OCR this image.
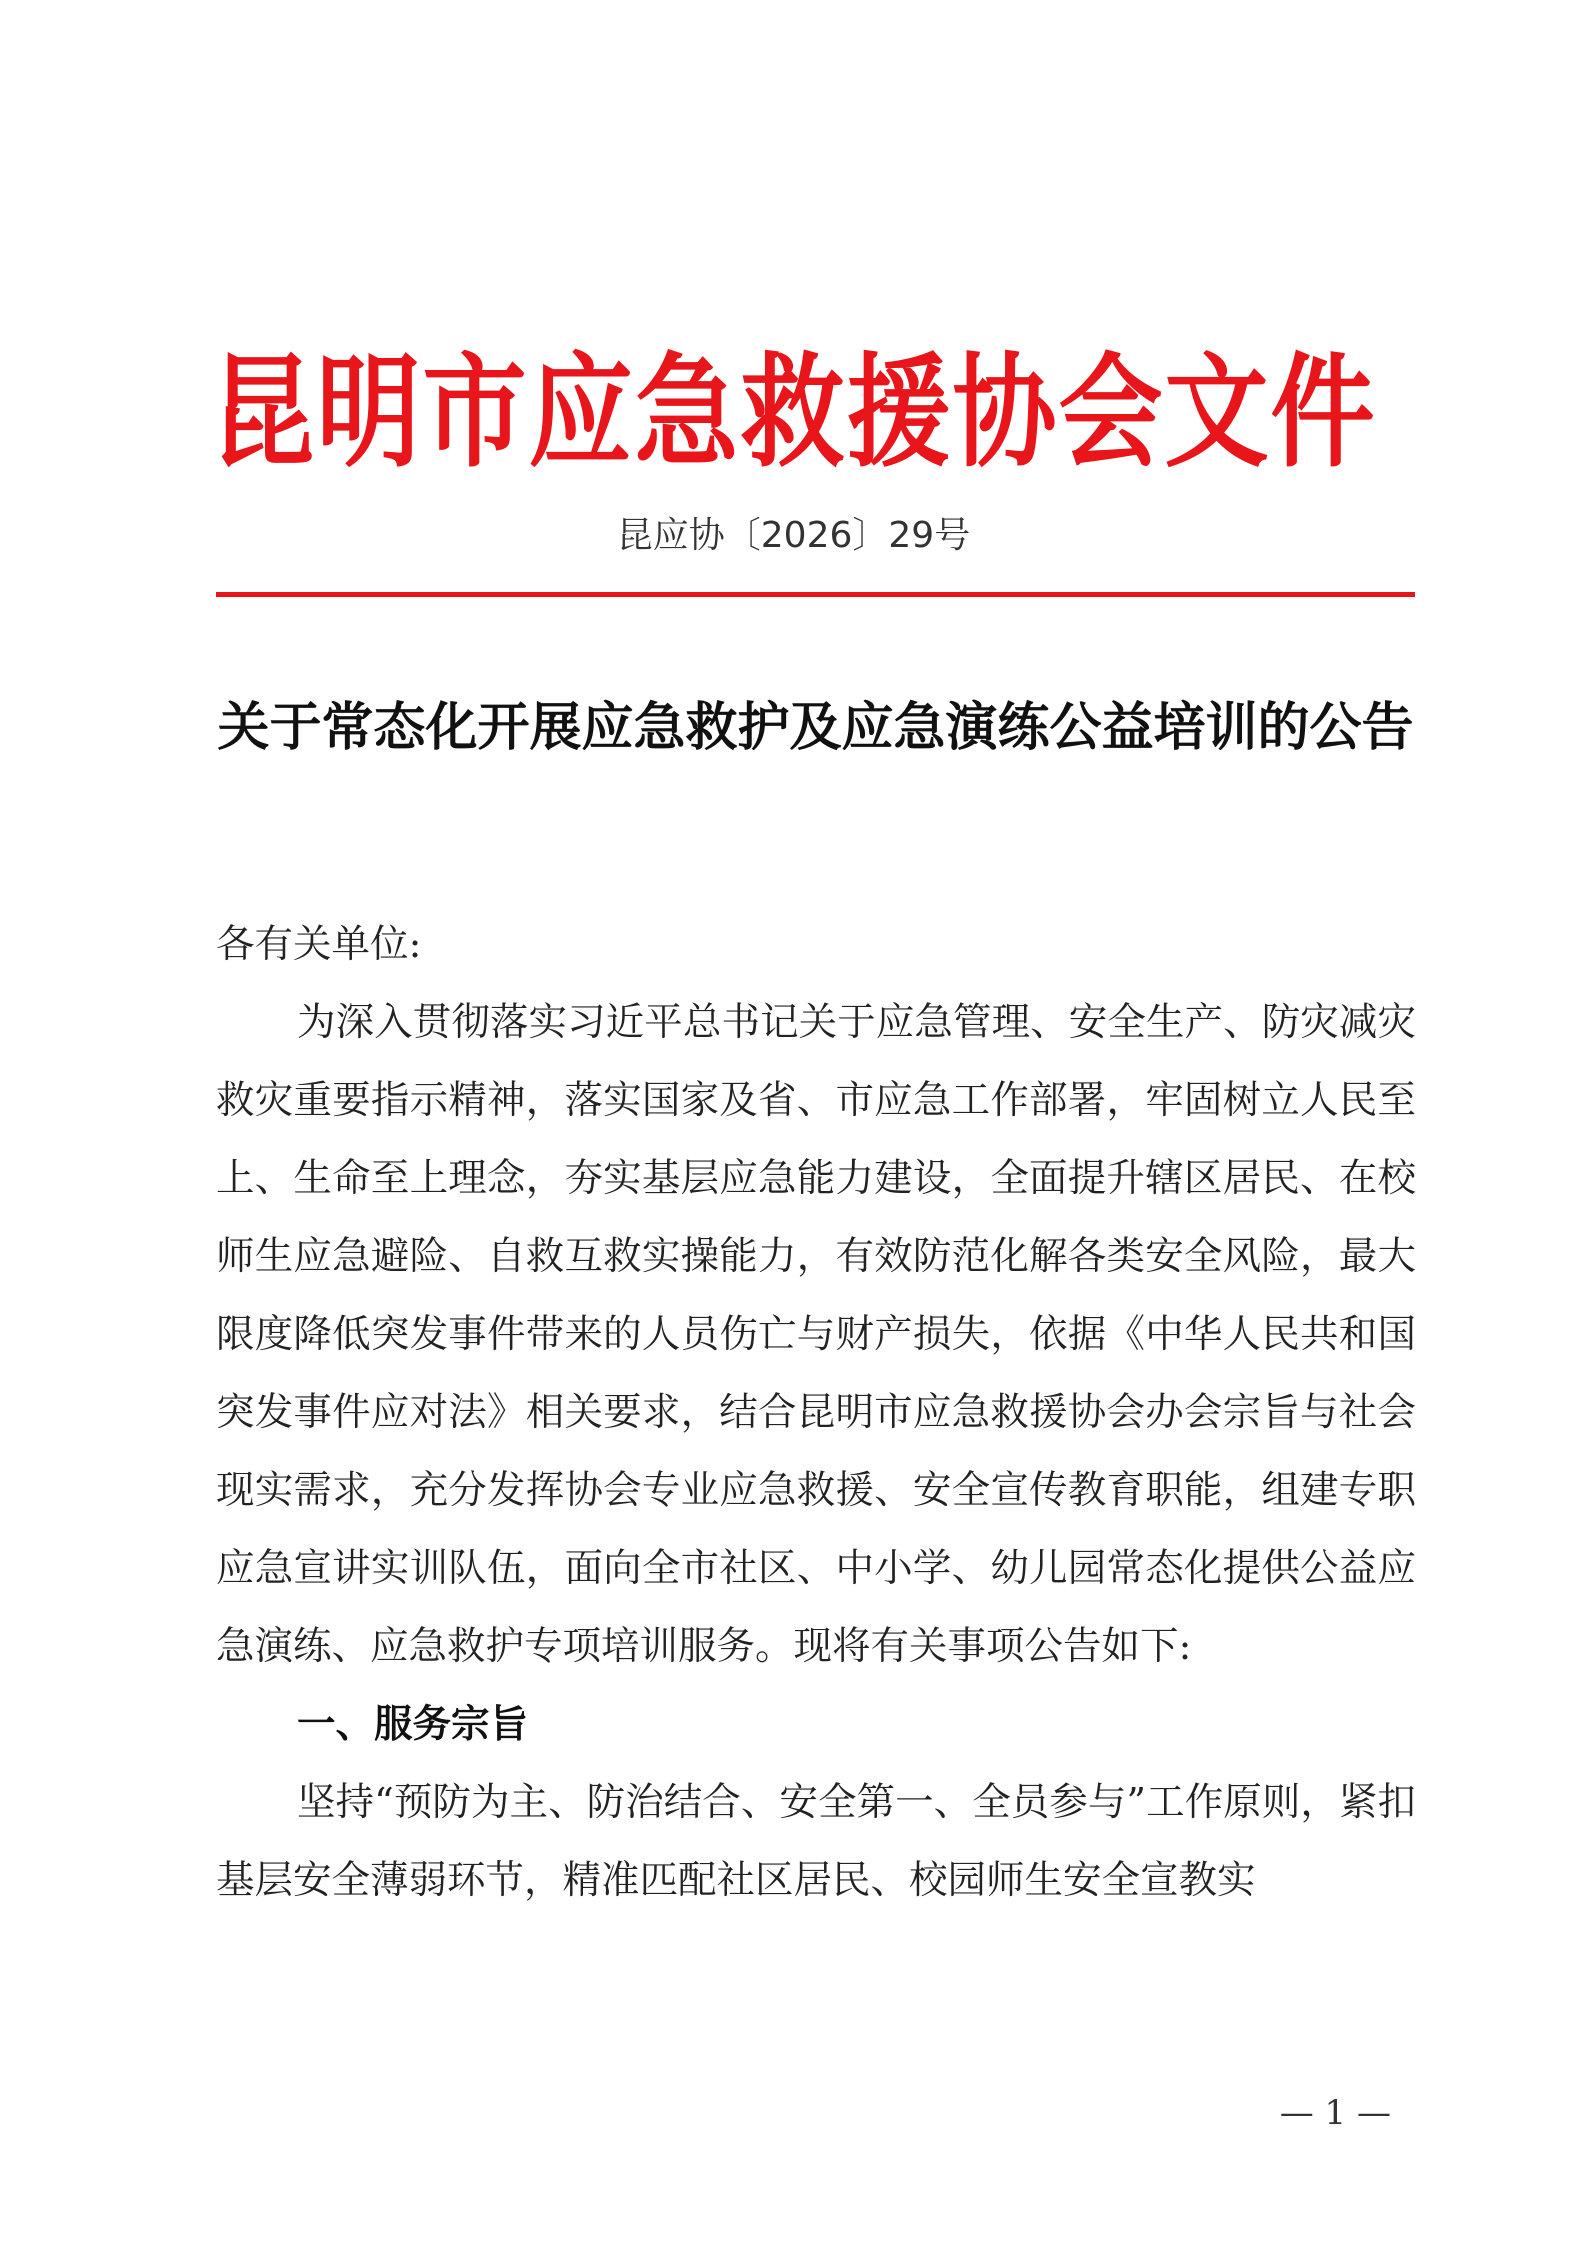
昆明市应急救援协会文件
昆应协〔2026〕29号
关于常态化开展应急救护及应急演练公益培训的公告

各有关单位:

为深入贯彻落实习近平总书记关于应急管理、安全生产、防灾减灾救灾重要指示精神，落实国家及省、市应急工作部署，牢固树立人民至上、生命至上理念，夯实基层应急能力建设，全面提升辖区居民、在校师生应急避险、自救互救实操能力，有效防范化解各类安全风险，最大限度降低突发事件带来的人员伤亡与财产损失，依据《中华人民共和国突发事件应对法》相关要求，结合昆明市应急救援协会办会宗旨与社会现实需求，充分发挥协会专业应急救援、安全宣传教育职能，组建专职应急宣讲实训队伍，面向全市社区、中小学、幼儿园常态化提供公益应急演练、应急救护专项培训服务。现将有关事项公告如下:

一、服务宗旨

坚持“预防为主、防治结合、安全第一、全员参与”工作原则，紧扣基层安全薄弱环节，精准匹配社区居民、校园师生安全宣教实

— 1 —
